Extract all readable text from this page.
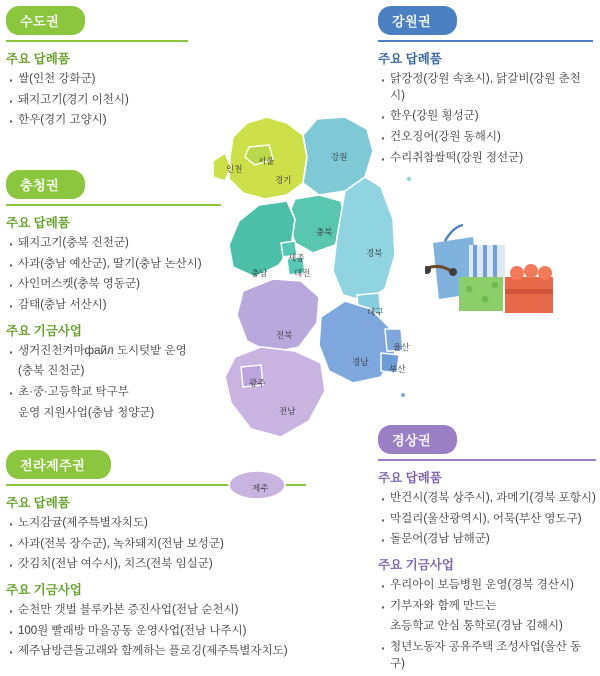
수도권
주요 답례품
· 쌀(인천 강화군)
· 돼지고기(경기 이천시)
· 한우(경기 고양시)
충청권
주요 답례품
· 돼지고기(충북 진천군)
· 사과(충남 예산군), 딸기(충남 논산시)
· 사인머스켓(충북 영동군)
· 감태(충남 서산시)
주요 기금사업
· 생거진천켜마файл 도시텃밭 운영
(충북 진천군)
· 초·중·고등학교 탁구부
운영 지원사업(충남 청양군)
전라제주권
주요 답례품
· 노지감귤(제주특별자치도)
· 사과(전북 장수군), 녹차돼지(전남 보성군)
· 갓김치(전남 여수시), 치즈(전북 임실군)
주요 기금사업
· 순천만 갯벌 블루카본 증진사업(전남 순천시)
· 100원 빨래방 마을공동 운영사업(전남 나주시)
· 제주남방큰돌고래와 함께하는 플로깅(제주특별자치도)
강원권
주요 답례품
· 닭강정(강원 속초시), 닭갈비(강원 춘천시)
· 한우(강원 횡성군)
· 건오징어(강원 동해시)
· 수리취찹쌀떡(강원 정선군)
경상권
주요 답례품
· 반건시(경북 상주시), 과메기(경북 포항시)
· 막걸리(울산광역시), 어묵(부산 영도구)
· 돌문어(경남 남해군)
주요 기금사업
· 우리아이 보듬병원 운영(경북 경산시)
· 기부자와 함께 만드는
초등학교 안심 통학로(경남 김해시)
· 청년노동자 공유주택 조성사업(울산 동구)
인천
서울
경기
강원
충북
세종
충남	대전
경북
대구
전북
울산
경남
부산
광주
전남
제주
